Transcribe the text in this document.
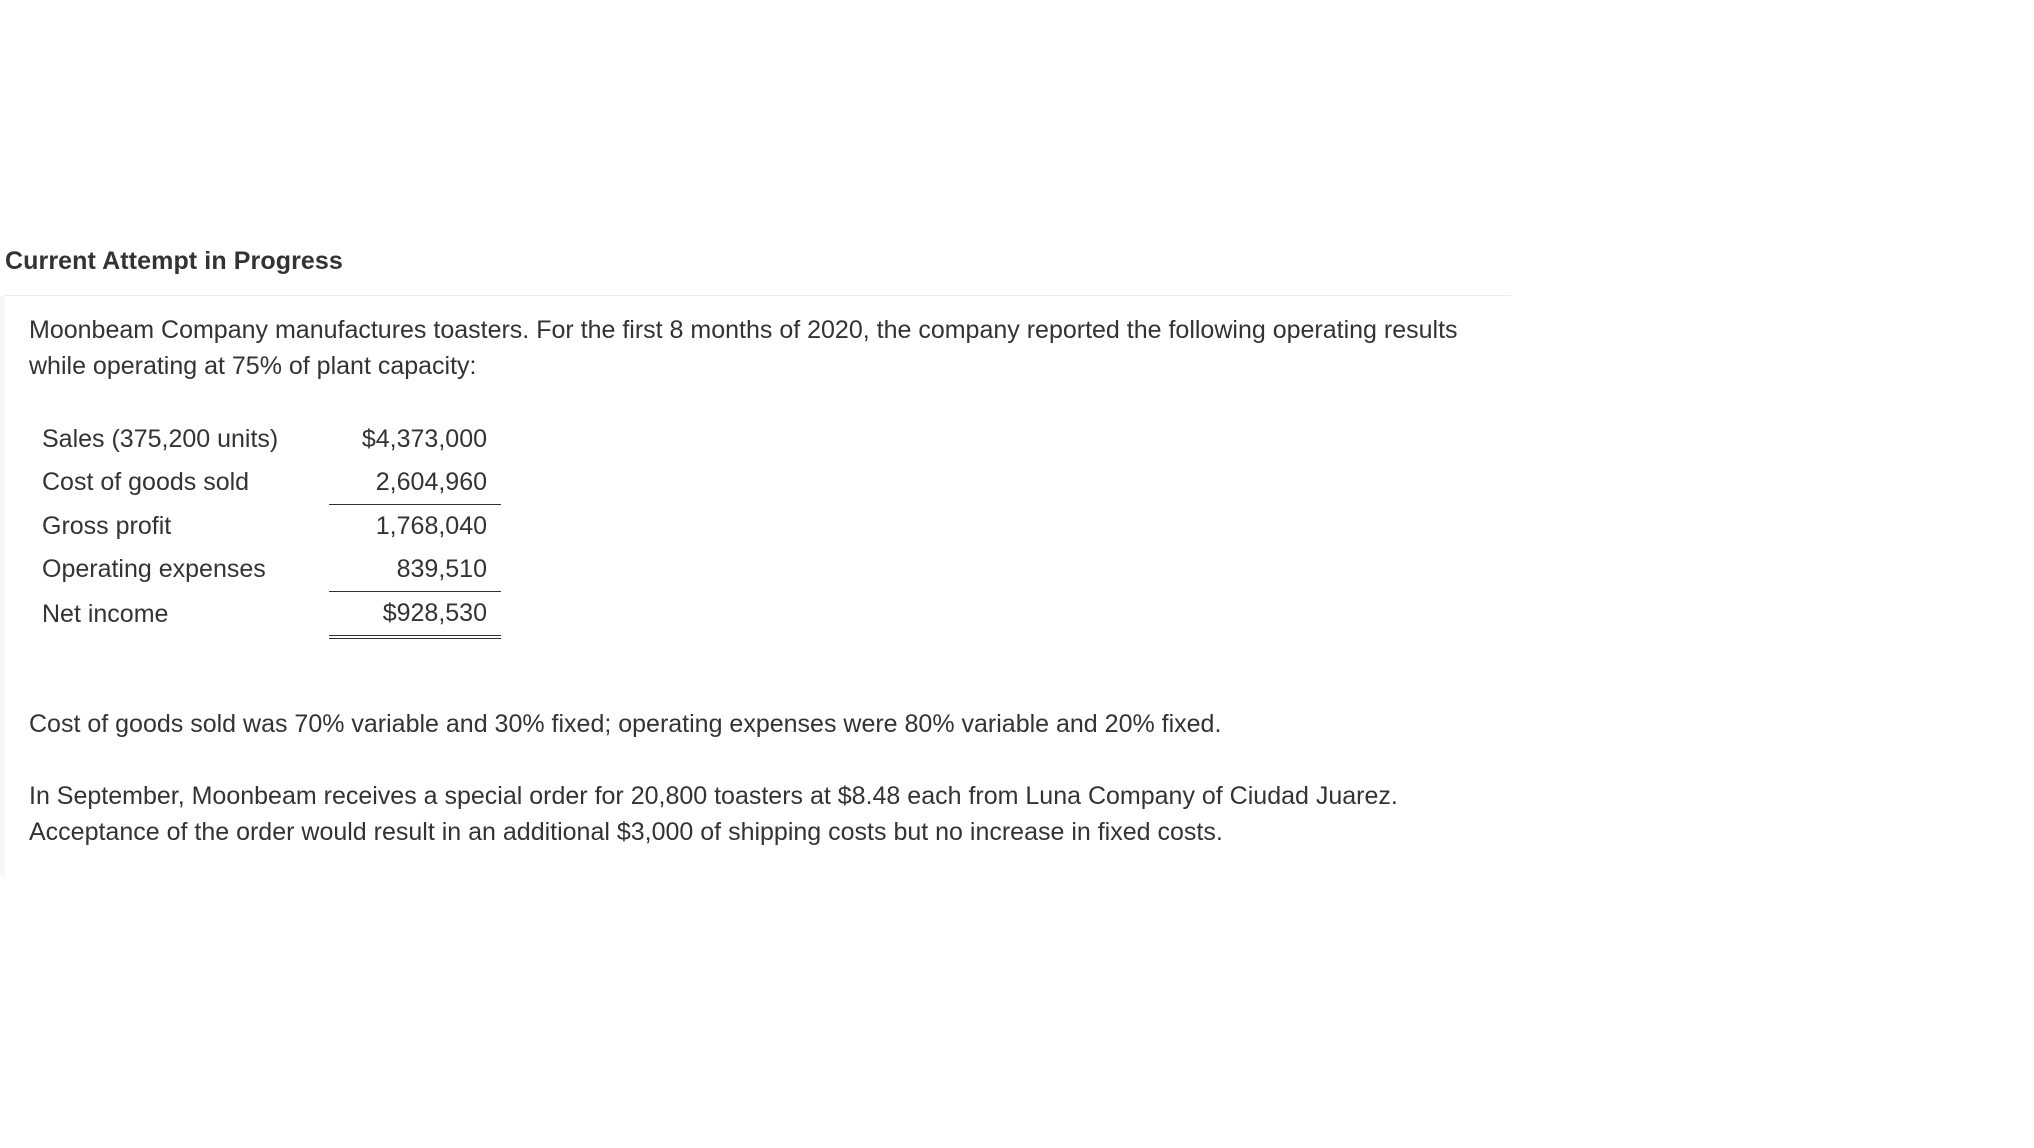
Current Attempt in Progress
Moonbeam Company manufactures toasters. For the first 8 months of 2020, the company reported the following operating results
while operating at 75% of plant capacity:
Sales (375,200 units)	$4,373,000
Cost of goods sold	2,604,960
Gross profit	1,768,040
Operating expenses	839,510
Net income	$928,530
Cost of goods sold was 70% variable and 30% fixed; operating expenses were 80% variable and 20% fixed.
In September, Moonbeam receives a special order for 20,800 toasters at $8.48 each from Luna Company of Ciudad Juarez.
Acceptance of the order would result in an additional $3,000 of shipping costs but no increase in fixed costs.
